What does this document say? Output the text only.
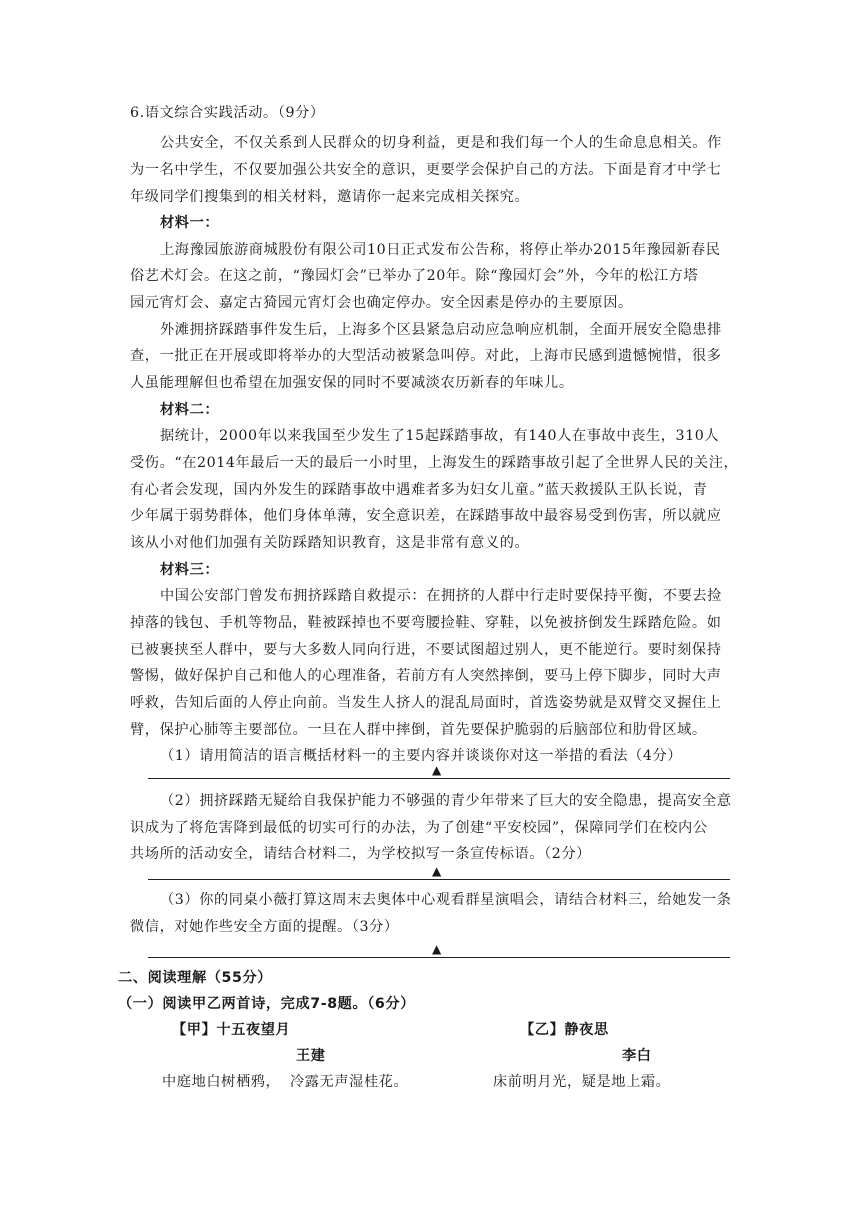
6.语文综合实践活动。（9分）
公共安全，不仅关系到人民群众的切身利益，更是和我们每一个人的生命息息相关。作
为一名中学生，不仅要加强公共安全的意识，更要学会保护自己的方法。下面是育才中学七
年级同学们搜集到的相关材料，邀请你一起来完成相关探究。
材料一：
上海豫园旅游商城股份有限公司10日正式发布公告称，将停止举办2015年豫园新春民
俗艺术灯会。在这之前，“豫园灯会”已举办了20年。除“豫园灯会”外，今年的松江方塔
园元宵灯会、嘉定古猗园元宵灯会也确定停办。安全因素是停办的主要原因。
外滩拥挤踩踏事件发生后，上海多个区县紧急启动应急响应机制，全面开展安全隐患排
查，一批正在开展或即将举办的大型活动被紧急叫停。对此，上海市民感到遗憾惋惜，很多
人虽能理解但也希望在加强安保的同时不要减淡农历新春的年味儿。
材料二：
据统计，2000年以来我国至少发生了15起踩踏事故，有140人在事故中丧生，310人
受伤。“在2014年最后一天的最后一小时里，上海发生的踩踏事故引起了全世界人民的关注，
有心者会发现，国内外发生的踩踏事故中遇难者多为妇女儿童。”蓝天救援队王队长说，青
少年属于弱势群体，他们身体单薄，安全意识差，在踩踏事故中最容易受到伤害，所以就应
该从小对他们加强有关防踩踏知识教育，这是非常有意义的。
材料三：
中国公安部门曾发布拥挤踩踏自救提示：在拥挤的人群中行走时要保持平衡，不要去捡
掉落的钱包、手机等物品，鞋被踩掉也不要弯腰捡鞋、穿鞋，以免被挤倒发生踩踏危险。如
已被裹挟至人群中，要与大多数人同向行进，不要试图超过别人，更不能逆行。要时刻保持
警惕，做好保护自己和他人的心理准备，若前方有人突然摔倒，要马上停下脚步，同时大声
呼救，告知后面的人停止向前。当发生人挤人的混乱局面时，首选姿势就是双臂交叉握住上
臂，保护心肺等主要部位。一旦在人群中摔倒，首先要保护脆弱的后脑部位和肋骨区域。
（1）请用简洁的语言概括材料一的主要内容并谈谈你对这一举措的看法（4分）
▲
（2）拥挤踩踏无疑给自我保护能力不够强的青少年带来了巨大的安全隐患，提高安全意
识成为了将危害降到最低的切实可行的办法，为了创建“平安校园”，保障同学们在校内公
共场所的活动安全，请结合材料二，为学校拟写一条宣传标语。（2分）
▲
（3）你的同桌小薇打算这周末去奥体中心观看群星演唱会，请结合材料三，给她发一条
微信，对她作些安全方面的提醒。（3分）
▲
二、阅读理解（55分）
（一）阅读甲乙两首诗，完成7-8题。（6分）
【甲】十五夜望月
王建
中庭地白树栖鸦， 冷露无声湿桂花。
【乙】静夜思
李白
床前明月光，疑是地上霜。
